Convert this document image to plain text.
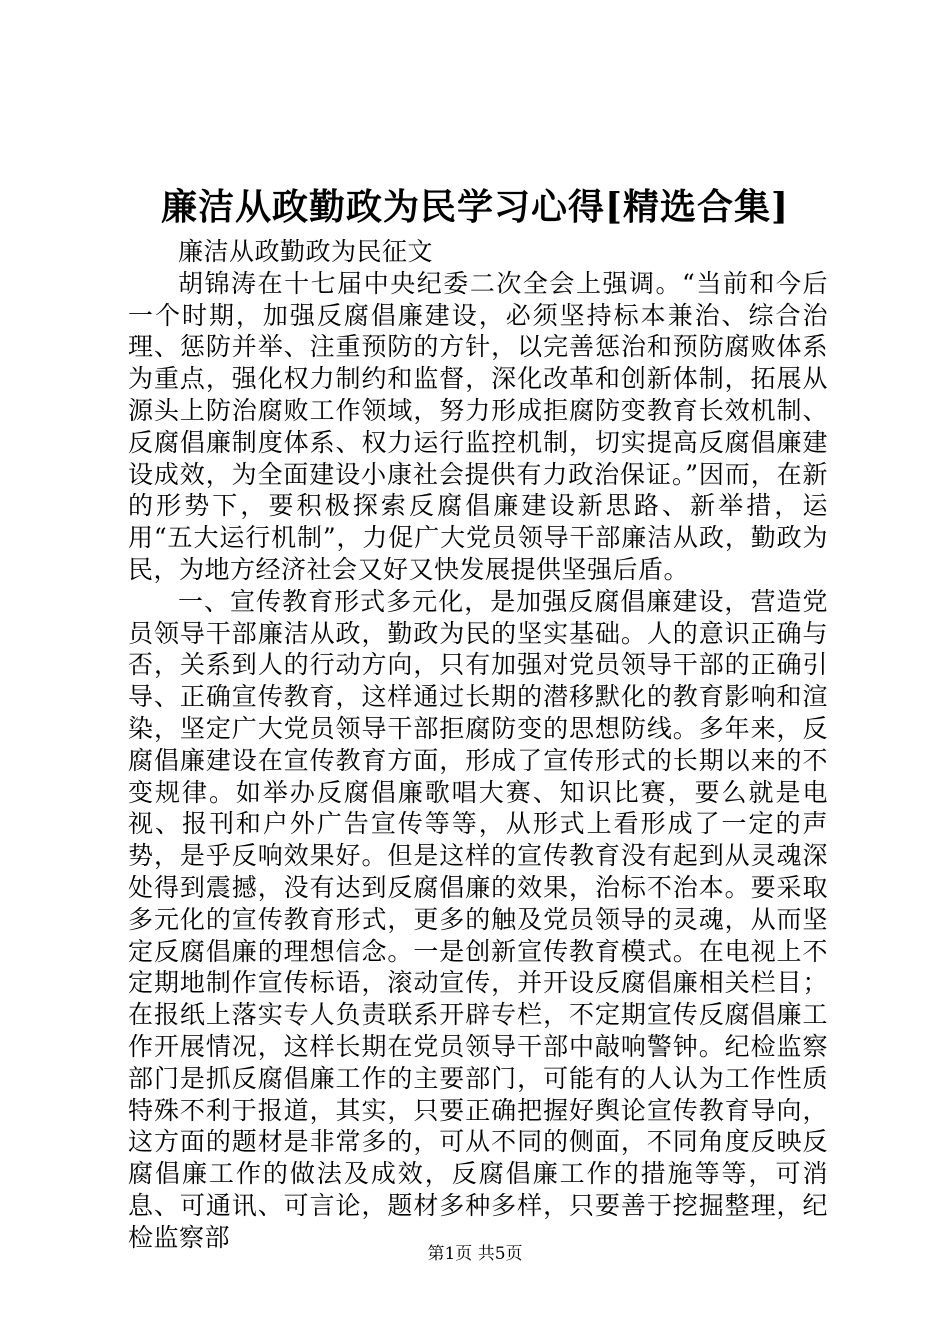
廉洁从政勤政为民学习心得[精选合集]

廉洁从政勤政为民征文

胡锦涛在十七届中央纪委二次全会上强调。“当前和今后一个时期，加强反腐倡廉建设，必须坚持标本兼治、综合治理、惩防并举、注重预防的方针，以完善惩治和预防腐败体系为重点，强化权力制约和监督，深化改革和创新体制，拓展从源头上防治腐败工作领域，努力形成拒腐防变教育长效机制、反腐倡廉制度体系、权力运行监控机制，切实提高反腐倡廉建设成效，为全面建设小康社会提供有力政治保证。”因而，在新的形势下，要积极探索反腐倡廉建设新思路、新举措，运用“五大运行机制”，力促广大党员领导干部廉洁从政，勤政为民，为地方经济社会又好又快发展提供坚强后盾。

一、宣传教育形式多元化，是加强反腐倡廉建设，营造党员领导干部廉洁从政，勤政为民的坚实基础。人的意识正确与否，关系到人的行动方向，只有加强对党员领导干部的正确引导、正确宣传教育，这样通过长期的潜移默化的教育影响和渲染，坚定广大党员领导干部拒腐防变的思想防线。多年来，反腐倡廉建设在宣传教育方面，形成了宣传形式的长期以来的不变规律。如举办反腐倡廉歌唱大赛、知识比赛，要么就是电视、报刊和户外广告宣传等等，从形式上看形成了一定的声势，是乎反响效果好。但是这样的宣传教育没有起到从灵魂深处得到震撼，没有达到反腐倡廉的效果，治标不治本。要采取多元化的宣传教育形式，更多的触及党员领导的灵魂，从而坚定反腐倡廉的理想信念。一是创新宣传教育模式。在电视上不定期地制作宣传标语，滚动宣传，并开设反腐倡廉相关栏目；在报纸上落实专人负责联系开辟专栏，不定期宣传反腐倡廉工作开展情况，这样长期在党员领导干部中敲响警钟。纪检监察部门是抓反腐倡廉工作的主要部门，可能有的人认为工作性质特殊不利于报道，其实，只要正确把握好舆论宣传教育导向，这方面的题材是非常多的，可从不同的侧面，不同角度反映反腐倡廉工作的做法及成效，反腐倡廉工作的措施等等，可消息、可通讯、可言论，题材多种多样，只要善于挖掘整理，纪检监察部

第1页 共5页
